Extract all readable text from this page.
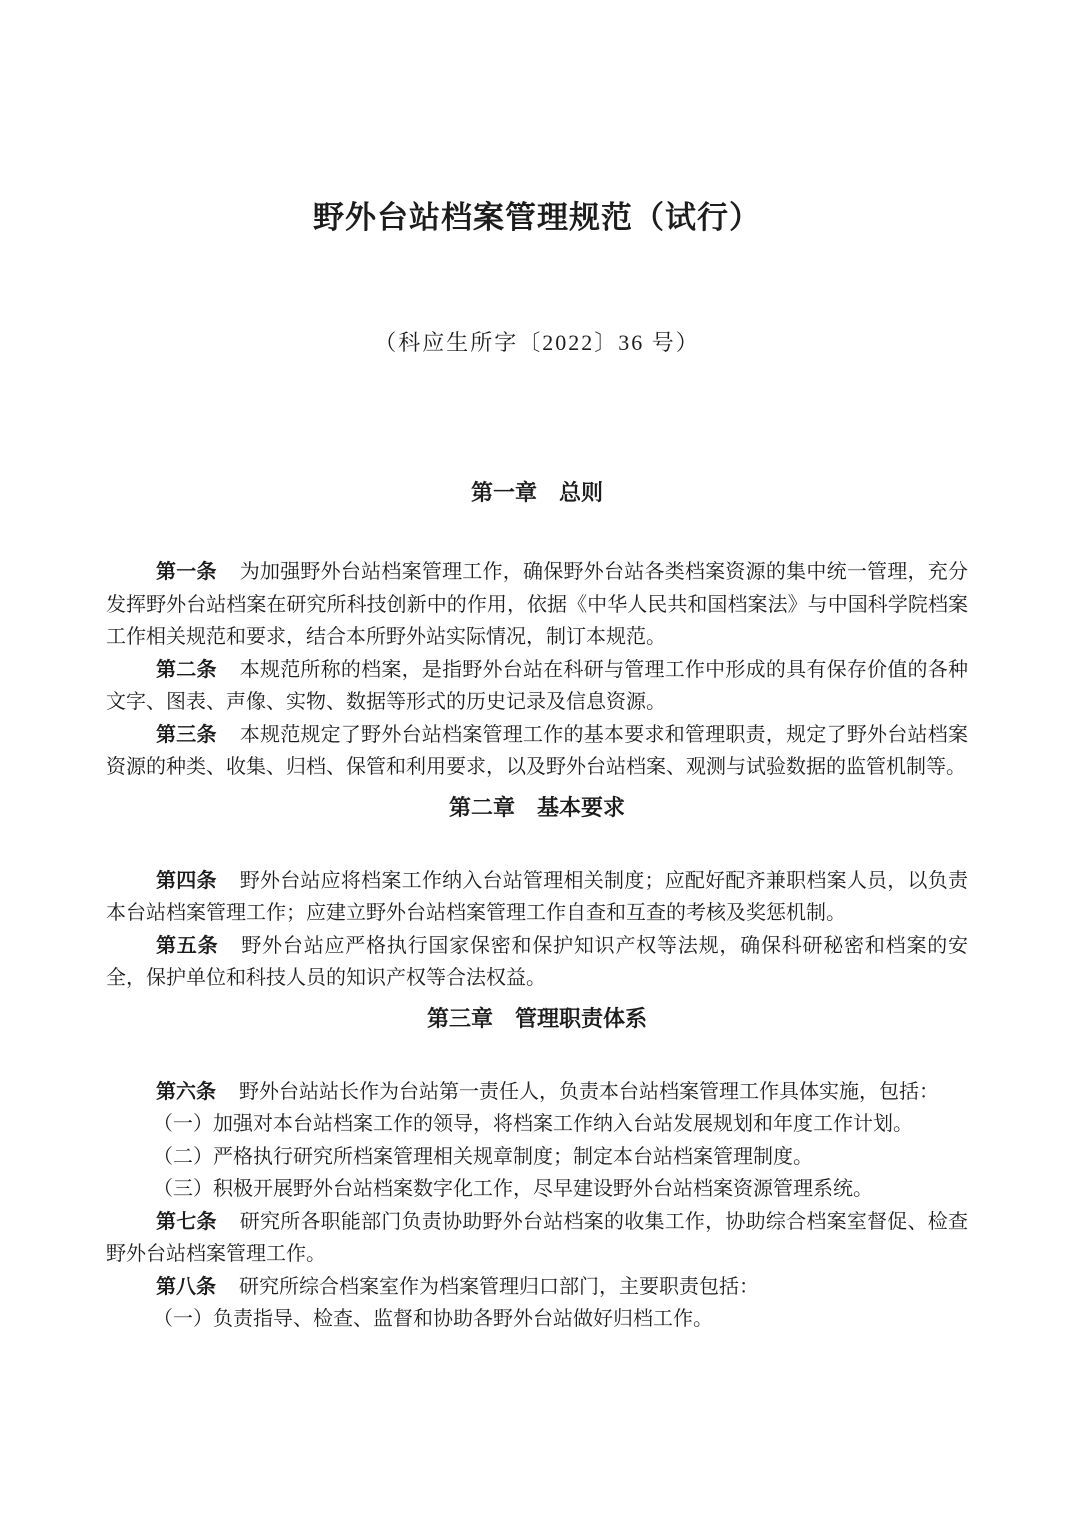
野外台站档案管理规范（试行）
（科应生所字〔2022〕36 号）
第一章　总则

第一条 为加强野外台站档案管理工作，确保野外台站各类档案资源的集中统一管理，充分发挥野外台站档案在研究所科技创新中的作用，依据《中华人民共和国档案法》与中国科学院档案工作相关规范和要求，结合本所野外站实际情况，制订本规范。

第二条 本规范所称的档案，是指野外台站在科研与管理工作中形成的具有保存价值的各种文字、图表、声像、实物、数据等形式的历史记录及信息资源。

第三条 本规范规定了野外台站档案管理工作的基本要求和管理职责，规定了野外台站档案资源的种类、收集、归档、保管和利用要求，以及野外台站档案、观测与试验数据的监管机制等。

第二章　基本要求

第四条 野外台站应将档案工作纳入台站管理相关制度；应配好配齐兼职档案人员，以负责本台站档案管理工作；应建立野外台站档案管理工作自查和互查的考核及奖惩机制。

第五条 野外台站应严格执行国家保密和保护知识产权等法规，确保科研秘密和档案的安全，保护单位和科技人员的知识产权等合法权益。

第三章　管理职责体系

第六条 野外台站站长作为台站第一责任人，负责本台站档案管理工作具体实施，包括：

（一）加强对本台站档案工作的领导，将档案工作纳入台站发展规划和年度工作计划。

（二）严格执行研究所档案管理相关规章制度；制定本台站档案管理制度。

（三）积极开展野外台站档案数字化工作，尽早建设野外台站档案资源管理系统。

第七条 研究所各职能部门负责协助野外台站档案的收集工作，协助综合档案室督促、检查野外台站档案管理工作。

第八条 研究所综合档案室作为档案管理归口部门，主要职责包括：

（一）负责指导、检查、监督和协助各野外台站做好归档工作。
